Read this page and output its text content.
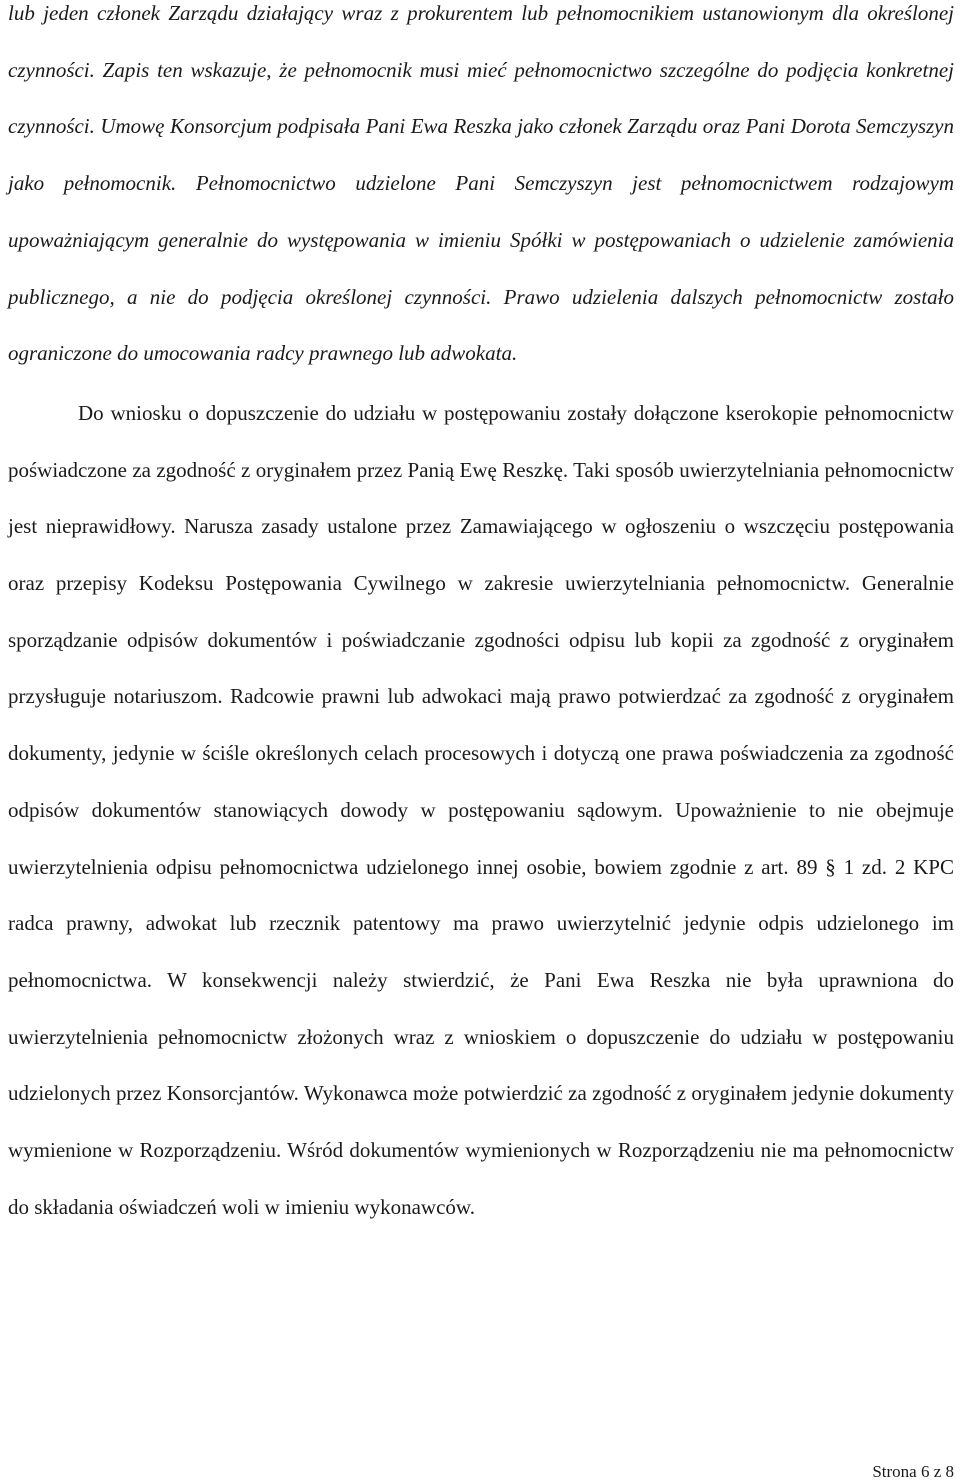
lub jeden członek Zarządu działający wraz z prokurentem lub pełnomocnikiem ustanowionym dla określonej czynności. Zapis ten wskazuje, że pełnomocnik musi mieć pełnomocnictwo szczególne do podjęcia konkretnej czynności. Umowę Konsorcjum podpisała Pani Ewa Reszka jako członek Zarządu oraz Pani Dorota Semczyszyn jako pełnomocnik. Pełnomocnictwo udzielone Pani Semczyszyn jest pełnomocnictwem rodzajowym upoważniającym generalnie do występowania w imieniu Spółki w postępowaniach o udzielenie zamówienia publicznego, a nie do podjęcia określonej czynności. Prawo udzielenia dalszych pełnomocnictw zostało ograniczone do umocowania radcy prawnego lub adwokata.

Do wniosku o dopuszczenie do udziału w postępowaniu zostały dołączone kserokopie pełnomocnictw poświadczone za zgodność z oryginałem przez Panią Ewę Reszkę. Taki sposób uwierzytelniania pełnomocnictw jest nieprawidłowy. Narusza zasady ustalone przez Zamawiającego w ogłoszeniu o wszczęciu postępowania oraz przepisy Kodeksu Postępowania Cywilnego w zakresie uwierzytelniania pełnomocnictw. Generalnie sporządzanie odpisów dokumentów i poświadczanie zgodności odpisu lub kopii za zgodność z oryginałem przysługuje notariuszom. Radcowie prawni lub adwokaci mają prawo potwierdzać za zgodność z oryginałem dokumenty, jedynie w ściśle określonych celach procesowych i dotyczą one prawa poświadczenia za zgodność odpisów dokumentów stanowiących dowody w postępowaniu sądowym. Upoważnienie to nie obejmuje uwierzytelnienia odpisu pełnomocnictwa udzielonego innej osobie, bowiem zgodnie z art. 89 § 1 zd. 2 KPC radca prawny, adwokat lub rzecznik patentowy ma prawo uwierzytelnić jedynie odpis udzielonego im pełnomocnictwa. W konsekwencji należy stwierdzić, że Pani Ewa Reszka nie była uprawniona do uwierzytelnienia pełnomocnictw złożonych wraz z wnioskiem o dopuszczenie do udziału w postępowaniu udzielonych przez Konsorcjantów. Wykonawca może potwierdzić za zgodność z oryginałem jedynie dokumenty wymienione w Rozporządzeniu. Wśród dokumentów wymienionych w Rozporządzeniu nie ma pełnomocnictw do składania oświadczeń woli w imieniu wykonawców.

Strona 6 z 8
